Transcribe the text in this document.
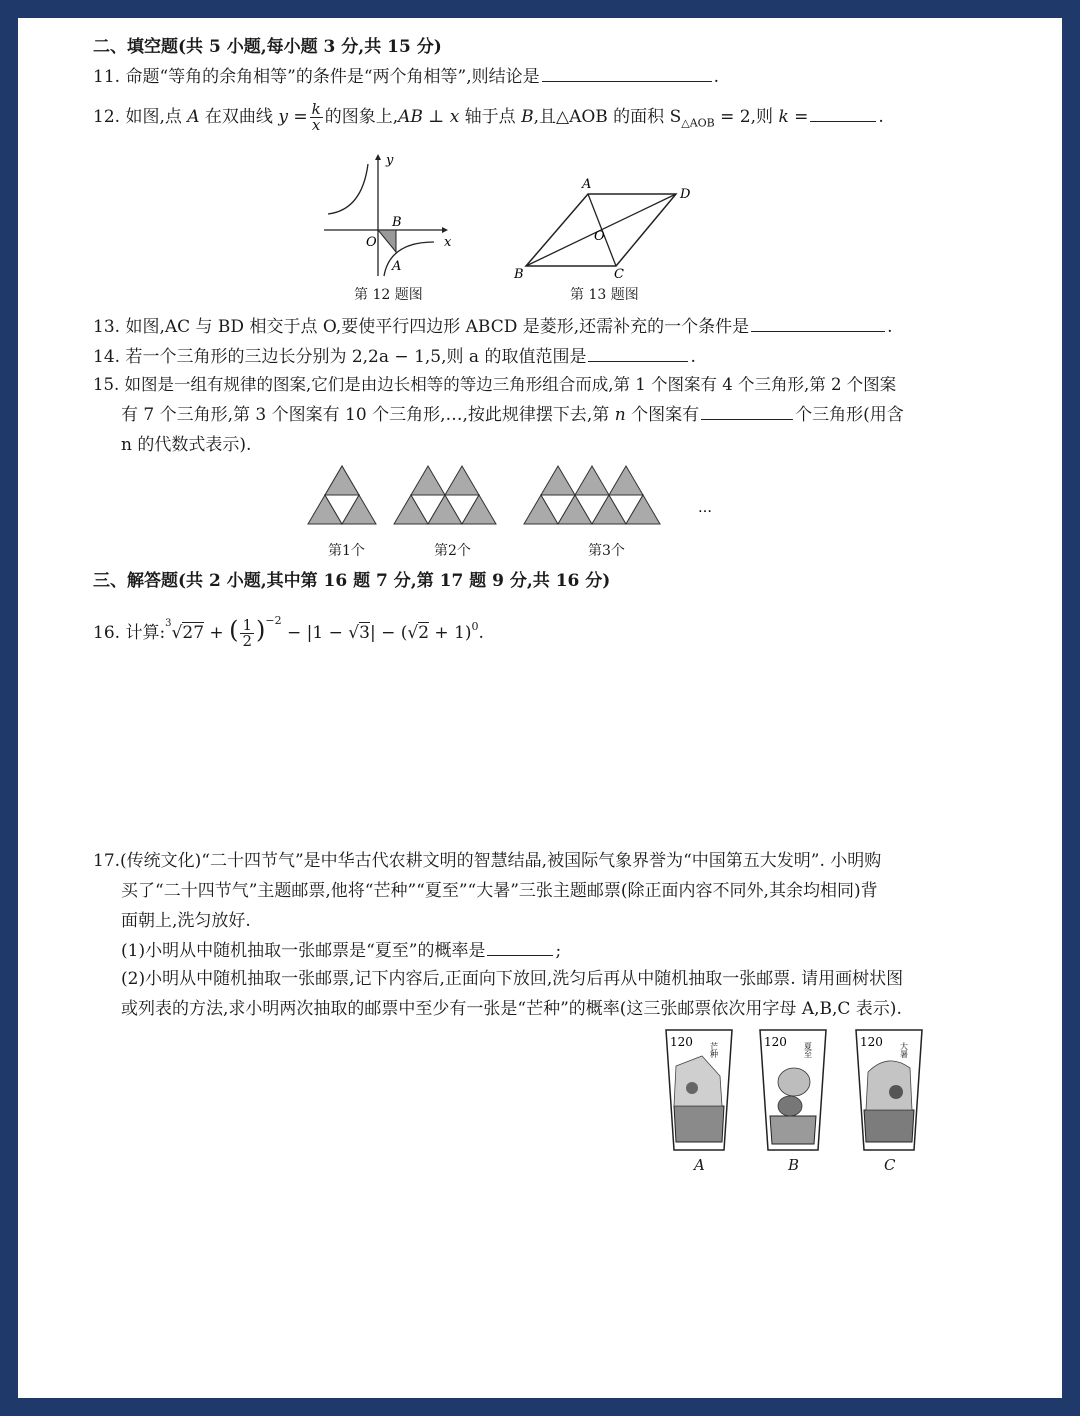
二、填空题(共 5 小题,每小题 3 分,共 15 分)
11. 命题“等角的余角相等”的条件是“两个角相等”,则结论是	.
12. 如图,点 A 在双曲线 $y = \frac{k}{x}$ 的图象上,AB ⊥ x 轴于点 B,且△AOB 的面积 $S_{\triangle AOB} = 2$,则 k =	.
y
x
O
B
A
第 12 题图
A
B	C
D
O
第 13 题图
13. 如图,AC 与 BD 相交于点 O,要使平行四边形 ABCD 是菱形,还需补充的一个条件是	.
14. 若一个三角形的三边长分别为 2,2a − 1,5,则 a 的取值范围是	.
15. 如图是一组有规律的图案,它们是由边长相等的等边三角形组合而成,第 1 个图案有 4 个三角形,第 2 个图案
有 7 个三角形,第 3 个图案有 10 个三角形,…,按此规律摆下去,第 n 个图案有	个三角形(用含
n 的代数式表示).
…
第1个	第2个	第3个
三、解答题(共 2 小题,其中第 16 题 7 分,第 17 题 9 分,共 16 分)
16. 计算:$^3$√27 + ( $\frac{1}{2} )^{-2} - |1 - √3| - (√2 + 1)^0$.
17.(传统文化)“二十四节气”是中华古代农耕文明的智慧结晶,被国际气象界誉为“中国第五大发明”. 小明购
买了“二十四节气”主题邮票,他将“芒种”“夏至”“大暑”三张主题邮票(除正面内容不同外,其余均相同)背
面朝上,洗匀放好.
(1)小明从中随机抽取一张邮票是“夏至”的概率是	;
(2)小明从中随机抽取一张邮票,记下内容后,正面向下放回,洗匀后再从中随机抽取一张邮票. 请用画树状图
或列表的方法,求小明两次抽取的邮票中至少有一张是“芒种”的概率(这三张邮票依次用字母 A,B,C 表示).
120 芒种
A
120 夏至
B
120 大暑
C
